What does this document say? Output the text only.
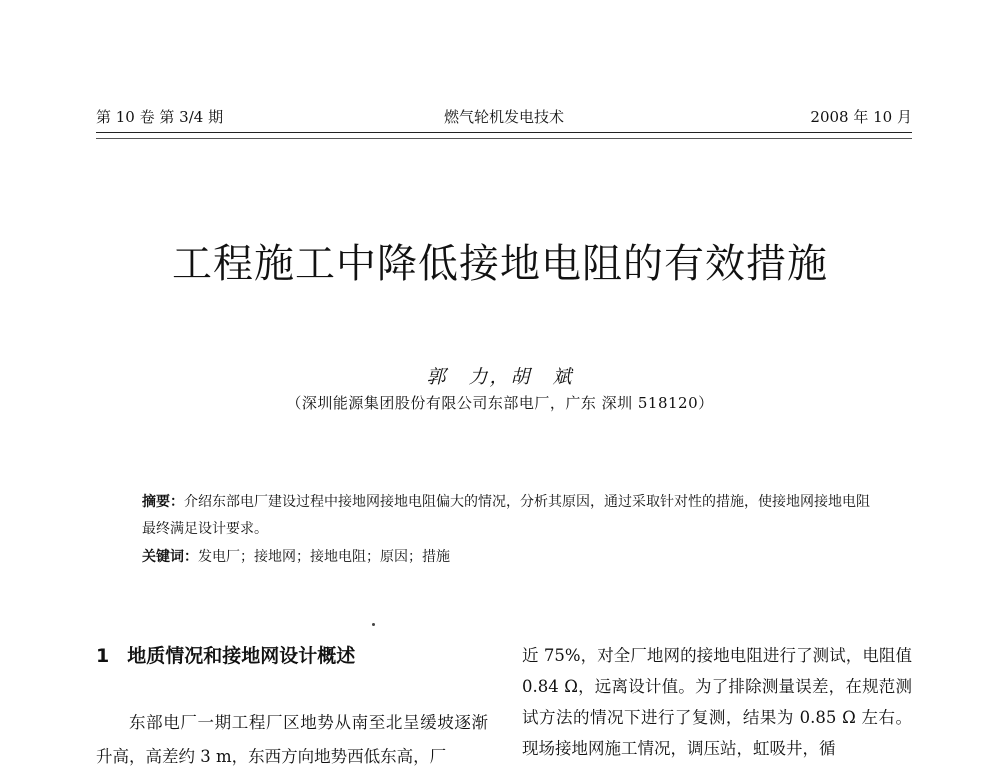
第 10 卷 第 3/4 期	燃气轮机发电技术	2008 年 10 月
工程施工中降低接地电阻的有效措施
郭　力，胡　斌
（深圳能源集团股份有限公司东部电厂，广东 深圳 518120）
摘要：介绍东部电厂建设过程中接地网接地电阻偏大的情况，分析其原因，通过采取针对性的措施，使接地网接地电阻最终满足设计要求。
关键词：发电厂；接地网；接地电阻；原因；措施
1 地质情况和接地网设计概述

东部电厂一期工程厂区地势从南至北呈缓坡逐渐升高，高差约 3 m，东西方向地势西低东高，厂

近 75%，对全厂地网的接地电阻进行了测试，电阻值 0.84 Ω，远离设计值。为了排除测量误差，在规范测试方法的情况下进行了复测，结果为 0.85 Ω 左右。现场接地网施工情况，调压站，虹吸井，循
